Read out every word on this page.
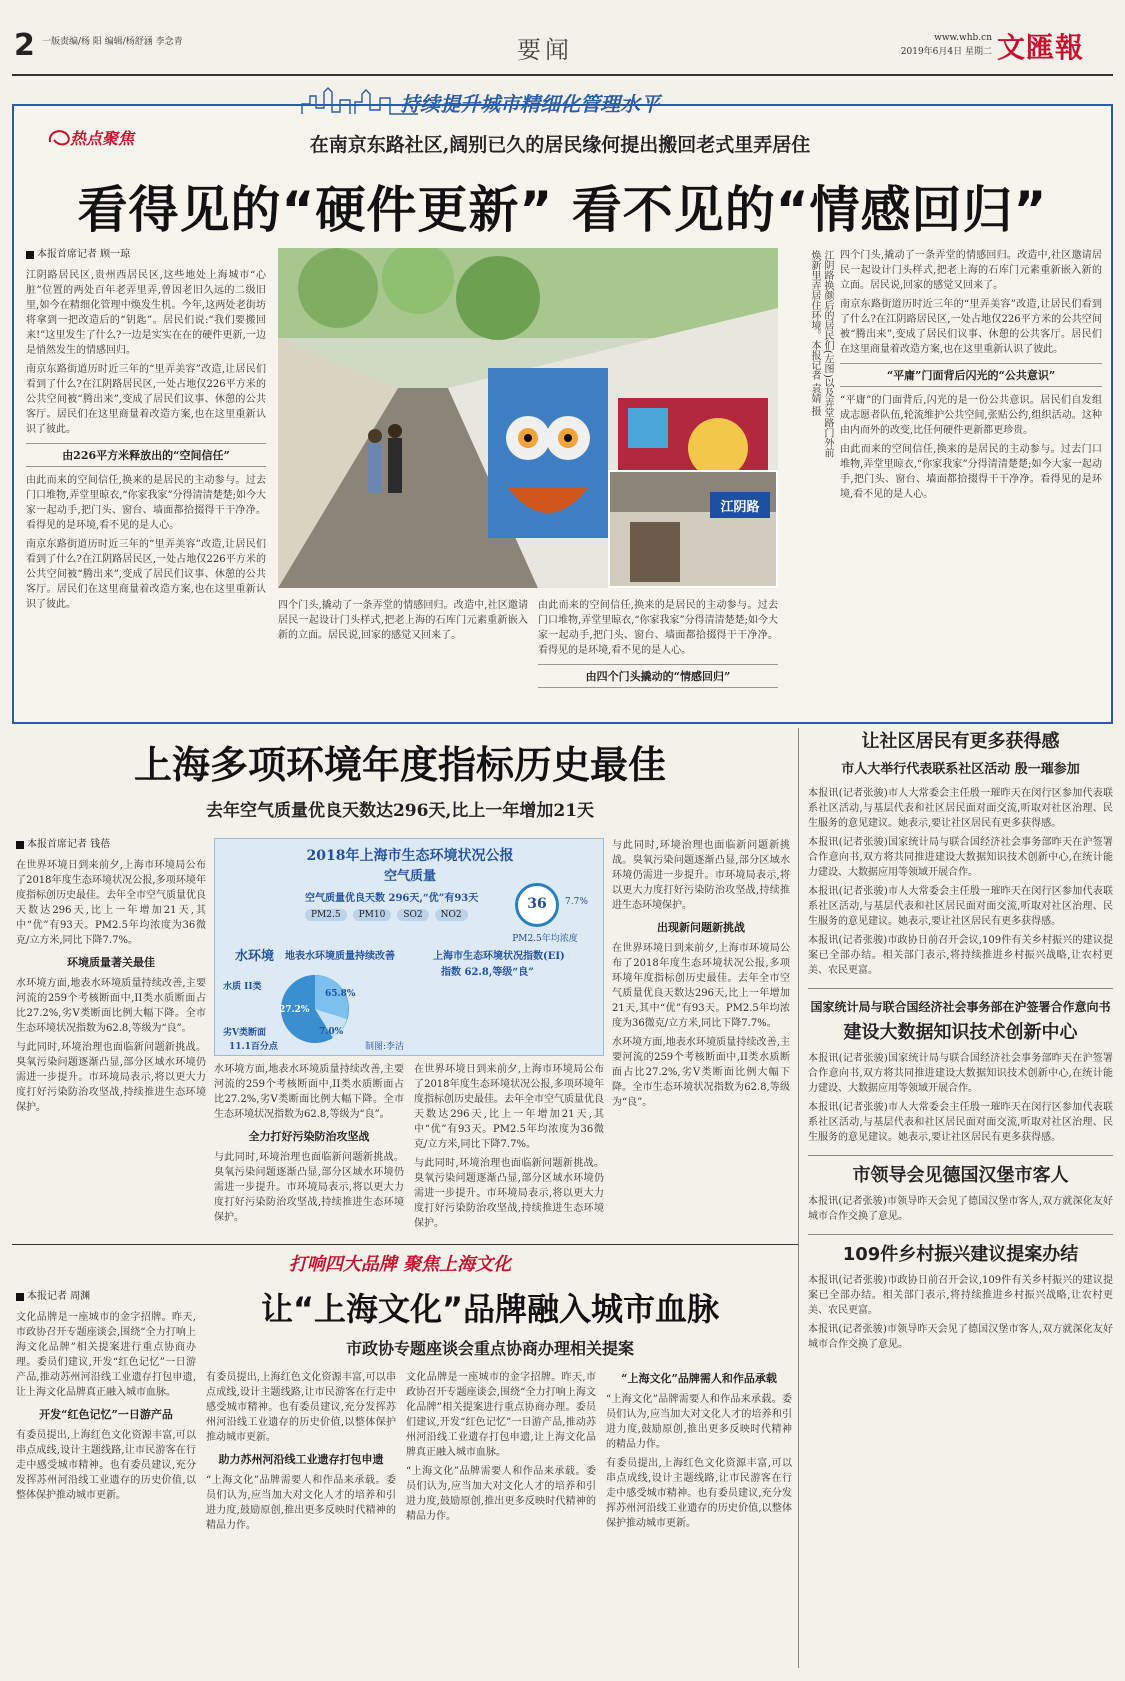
2 一版责编/杨 阳 编辑/杨舒涵 李念青	要闻	www.whb.cn
2019年6月4日 星期二 文匯報
持续提升城市精细化管理水平
热点聚焦	在南京东路社区,阔别已久的居民缘何提出搬回老式里弄居住
看得见的“硬件更新” 看不见的“情感回归”
本报首席记者 顾一琼

江阴路居民区,贵州西居民区,这些地处上海城市“心脏”位置的两处百年老弄里弄,曾因老旧久远的二级旧里,如今在精细化管理中焕发生机。今年,这两处老街坊将拿到一把改造后的“钥匙”。居民们说:“我们要搬回来!”这里发生了什么?一边是实实在在的硬件更新,一边是悄然发生的情感回归。

南京东路街道历时近三年的“里弄美容”改造,让居民们看到了什么?在江阴路居民区,一处占地仅226平方米的公共空间被“腾出来”,变成了居民们议事、休憩的公共客厅。居民们在这里商量着改造方案,也在这里重新认识了彼此。

由226平方米释放出的“空间信任”

由此而来的空间信任,换来的是居民的主动参与。过去门口堆物,弄堂里晾衣,“你家我家”分得清清楚楚;如今大家一起动手,把门头、窗台、墙面都拾掇得干干净净。看得见的是环境,看不见的是人心。

南京东路街道历时近三年的“里弄美容”改造,让居民们看到了什么?在江阴路居民区,一处占地仅226平方米的公共空间被“腾出来”,变成了居民们议事、休憩的公共客厅。居民们在这里商量着改造方案,也在这里重新认识了彼此。

江阴路
江阴路换颜后的居民们(左图)以及弄堂路门外前焕新里弄居住环境。本报记者 袁婧 摄

四个门头,撬动了一条弄堂的情感回归。改造中,社区邀请居民一起设计门头样式,把老上海的石库门元素重新嵌入新的立面。居民说,回家的感觉又回来了。

由此而来的空间信任,换来的是居民的主动参与。过去门口堆物,弄堂里晾衣,“你家我家”分得清清楚楚;如今大家一起动手,把门头、窗台、墙面都拾掇得干干净净。看得见的是环境,看不见的是人心。

由四个门头撬动的“情感回归”

四个门头,撬动了一条弄堂的情感回归。改造中,社区邀请居民一起设计门头样式,把老上海的石库门元素重新嵌入新的立面。居民说,回家的感觉又回来了。

南京东路街道历时近三年的“里弄美容”改造,让居民们看到了什么?在江阴路居民区,一处占地仅226平方米的公共空间被“腾出来”,变成了居民们议事、休憩的公共客厅。居民们在这里商量着改造方案,也在这里重新认识了彼此。

“平庸”门面背后闪光的“公共意识”

“平庸”的门面背后,闪光的是一份公共意识。居民们自发组成志愿者队伍,轮流维护公共空间,张贴公约,组织活动。这种由内而外的改变,比任何硬件更新都更珍贵。

由此而来的空间信任,换来的是居民的主动参与。过去门口堆物,弄堂里晾衣,“你家我家”分得清清楚楚;如今大家一起动手,把门头、窗台、墙面都拾掇得干干净净。看得见的是环境,看不见的是人心。

上海多项环境年度指标历史最佳
去年空气质量优良天数达296天,比上一年增加21天
本报首席记者 钱蓓

在世界环境日到来前夕,上海市环境局公布了2018年度生态环境状况公报,多项环境年度指标创历史最佳。去年全市空气质量优良天数达296天,比上一年增加21天,其中“优”有93天。PM2.5年均浓度为36微克/立方米,同比下降7.7%。

环境质量著关最佳

水环境方面,地表水环境质量持续改善,主要河流的259个考核断面中,II类水质断面占比27.2%,劣V类断面比例大幅下降。全市生态环境状况指数为62.8,等级为“良”。

与此同时,环境治理也面临新问题新挑战。臭氧污染问题逐渐凸显,部分区域水环境仍需进一步提升。市环境局表示,将以更大力度打好污染防治攻坚战,持续推进生态环境保护。

2018年上海市生态环境状况公报
空气质量
空气质量优良天数 296天,“优”有93天
PM2.5	PM10	SO2	NO2
36	7.7%
PM2.5年均浓度
水环境 地表水环境质量持续改善	上海市生态环境状况指数(EI)
指数 62.8,等级“良”
27.2%
65.8%
7.0%
水质 II类
劣V类断面
11.1百分点	制图:李洁

水环境方面,地表水环境质量持续改善,主要河流的259个考核断面中,II类水质断面占比27.2%,劣V类断面比例大幅下降。全市生态环境状况指数为62.8,等级为“良”。

全力打好污染防治攻坚战

与此同时,环境治理也面临新问题新挑战。臭氧污染问题逐渐凸显,部分区域水环境仍需进一步提升。市环境局表示,将以更大力度打好污染防治攻坚战,持续推进生态环境保护。

在世界环境日到来前夕,上海市环境局公布了2018年度生态环境状况公报,多项环境年度指标创历史最佳。去年全市空气质量优良天数达296天,比上一年增加21天,其中“优”有93天。PM2.5年均浓度为36微克/立方米,同比下降7.7%。

与此同时,环境治理也面临新问题新挑战。臭氧污染问题逐渐凸显,部分区域水环境仍需进一步提升。市环境局表示,将以更大力度打好污染防治攻坚战,持续推进生态环境保护。

与此同时,环境治理也面临新问题新挑战。臭氧污染问题逐渐凸显,部分区域水环境仍需进一步提升。市环境局表示,将以更大力度打好污染防治攻坚战,持续推进生态环境保护。

出现新问题新挑战

在世界环境日到来前夕,上海市环境局公布了2018年度生态环境状况公报,多项环境年度指标创历史最佳。去年全市空气质量优良天数达296天,比上一年增加21天,其中“优”有93天。PM2.5年均浓度为36微克/立方米,同比下降7.7%。

水环境方面,地表水环境质量持续改善,主要河流的259个考核断面中,II类水质断面占比27.2%,劣V类断面比例大幅下降。全市生态环境状况指数为62.8,等级为“良”。

打响四大品牌 聚焦上海文化
让“上海文化”品牌融入城市血脉
市政协专题座谈会重点协商办理相关提案
本报记者 周渊

文化品牌是一座城市的金字招牌。昨天,市政协召开专题座谈会,围绕“全力打响上海文化品牌”相关提案进行重点协商办理。委员们建议,开发“红色记忆”一日游产品,推动苏州河沿线工业遗存打包申遗,让上海文化品牌真正融入城市血脉。

开发“红色记忆”一日游产品

有委员提出,上海红色文化资源丰富,可以串点成线,设计主题线路,让市民游客在行走中感受城市精神。也有委员建议,充分发挥苏州河沿线工业遗存的历史价值,以整体保护推动城市更新。

有委员提出,上海红色文化资源丰富,可以串点成线,设计主题线路,让市民游客在行走中感受城市精神。也有委员建议,充分发挥苏州河沿线工业遗存的历史价值,以整体保护推动城市更新。

助力苏州河沿线工业遗存打包申遗

“上海文化”品牌需要人和作品来承载。委员们认为,应当加大对文化人才的培养和引进力度,鼓励原创,推出更多反映时代精神的精品力作。

文化品牌是一座城市的金字招牌。昨天,市政协召开专题座谈会,围绕“全力打响上海文化品牌”相关提案进行重点协商办理。委员们建议,开发“红色记忆”一日游产品,推动苏州河沿线工业遗存打包申遗,让上海文化品牌真正融入城市血脉。

“上海文化”品牌需要人和作品来承载。委员们认为,应当加大对文化人才的培养和引进力度,鼓励原创,推出更多反映时代精神的精品力作。

“上海文化”品牌需人和作品承载

“上海文化”品牌需要人和作品来承载。委员们认为,应当加大对文化人才的培养和引进力度,鼓励原创,推出更多反映时代精神的精品力作。

有委员提出,上海红色文化资源丰富,可以串点成线,设计主题线路,让市民游客在行走中感受城市精神。也有委员建议,充分发挥苏州河沿线工业遗存的历史价值,以整体保护推动城市更新。

让社区居民有更多获得感
市人大举行代表联系社区活动 殷一璀参加

本报讯(记者张骏)市人大常委会主任殷一璀昨天在闵行区参加代表联系社区活动,与基层代表和社区居民面对面交流,听取对社区治理、民生服务的意见建议。她表示,要让社区居民有更多获得感。

本报讯(记者张骏)国家统计局与联合国经济社会事务部昨天在沪签署合作意向书,双方将共同推进建设大数据知识技术创新中心,在统计能力建设、大数据应用等领域开展合作。

本报讯(记者张骏)市人大常委会主任殷一璀昨天在闵行区参加代表联系社区活动,与基层代表和社区居民面对面交流,听取对社区治理、民生服务的意见建议。她表示,要让社区居民有更多获得感。

本报讯(记者张骏)市政协日前召开会议,109件有关乡村振兴的建议提案已全部办结。相关部门表示,将持续推进乡村振兴战略,让农村更美、农民更富。

国家统计局与联合国经济社会事务部在沪签署合作意向书
建设大数据知识技术创新中心

本报讯(记者张骏)国家统计局与联合国经济社会事务部昨天在沪签署合作意向书,双方将共同推进建设大数据知识技术创新中心,在统计能力建设、大数据应用等领域开展合作。

本报讯(记者张骏)市人大常委会主任殷一璀昨天在闵行区参加代表联系社区活动,与基层代表和社区居民面对面交流,听取对社区治理、民生服务的意见建议。她表示,要让社区居民有更多获得感。

市领导会见德国汉堡市客人

本报讯(记者张骏)市领导昨天会见了德国汉堡市客人,双方就深化友好城市合作交换了意见。

109件乡村振兴建议提案办结

本报讯(记者张骏)市政协日前召开会议,109件有关乡村振兴的建议提案已全部办结。相关部门表示,将持续推进乡村振兴战略,让农村更美、农民更富。

本报讯(记者张骏)市领导昨天会见了德国汉堡市客人,双方就深化友好城市合作交换了意见。
